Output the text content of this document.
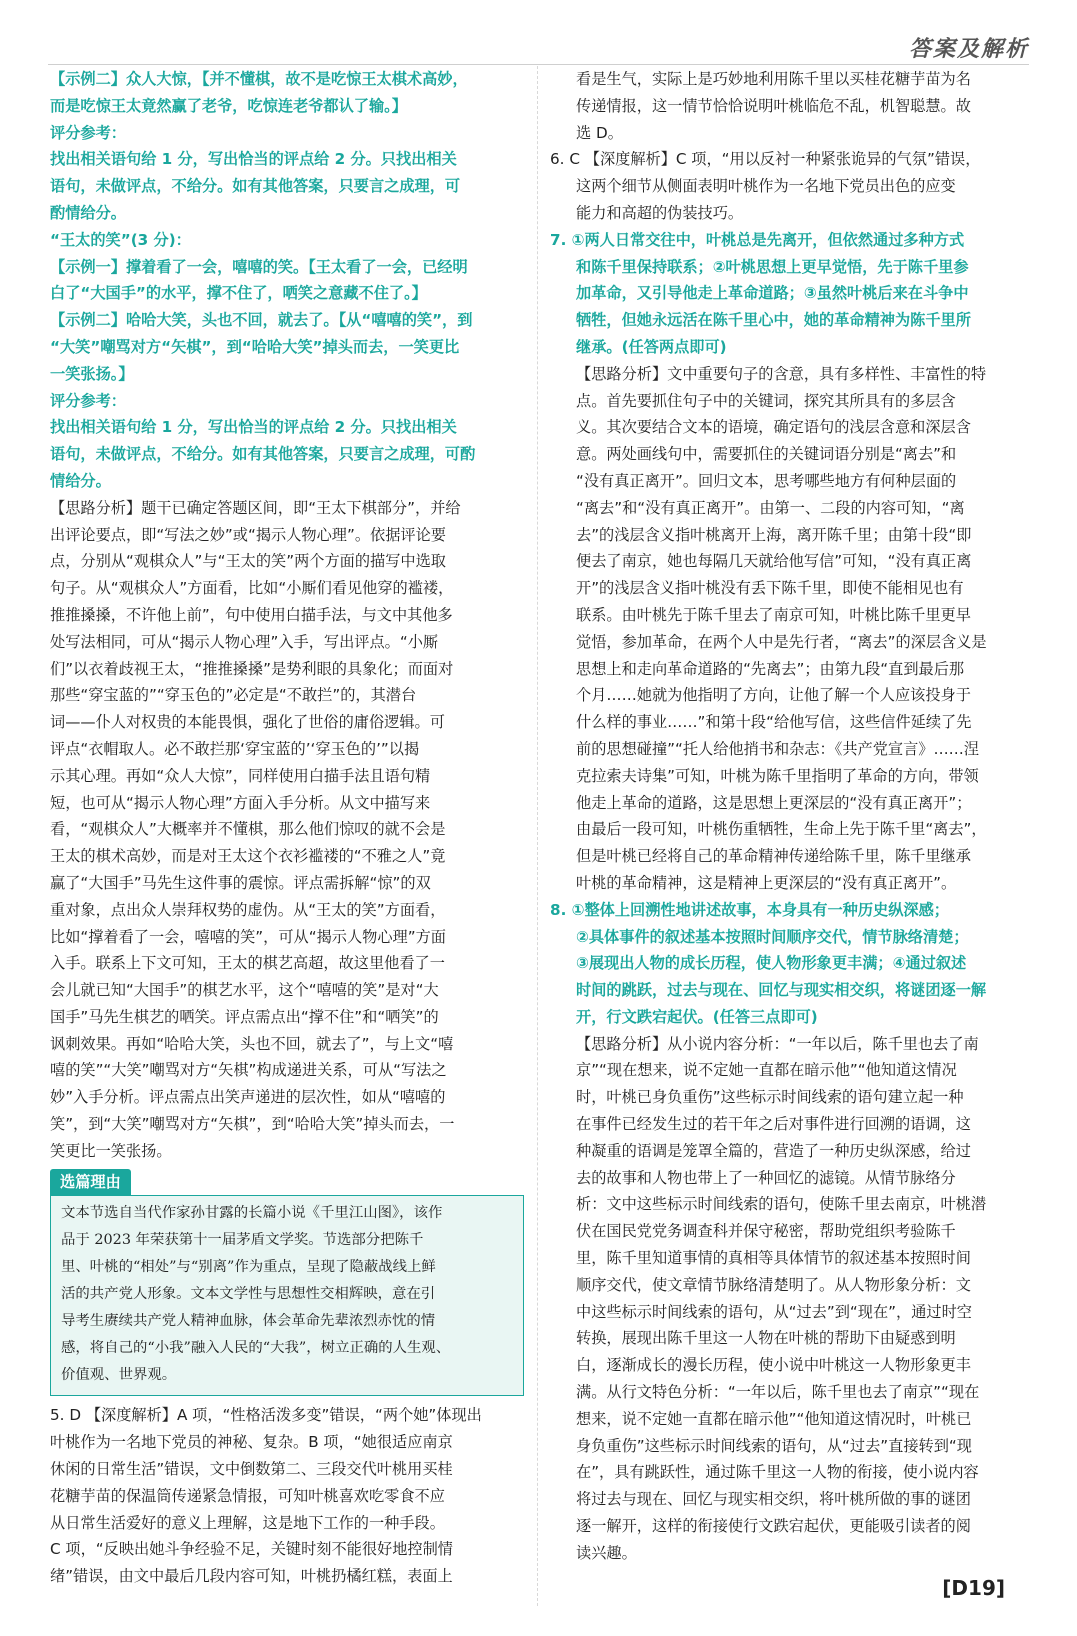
答案及解析
【示例二】众人大惊，【并不懂棋，故不是吃惊王太棋术高妙，
而是吃惊王太竟然赢了老爷，吃惊连老爷都认了输。】
评分参考：
找出相关语句给 1 分，写出恰当的评点给 2 分。只找出相关
语句，未做评点，不给分。如有其他答案，只要言之成理，可
酌情给分。
“王太的笑”(3 分)：
【示例一】撑着看了一会，嘻嘻的笑。【王太看了一会，已经明
白了“大国手”的水平，撑不住了，哂笑之意藏不住了。】
【示例二】哈哈大笑，头也不回，就去了。【从“嘻嘻的笑”，到
“大笑”嘲骂对方“矢棋”，到“哈哈大笑”掉头而去，一笑更比
一笑张扬。】
评分参考：
找出相关语句给 1 分，写出恰当的评点给 2 分。只找出相关
语句，未做评点，不给分。如有其他答案，只要言之成理，可酌
情给分。
【思路分析】题干已确定答题区间，即“王太下棋部分”，并给
出评论要点，即“写法之妙”或“揭示人物心理”。依据评论要
点，分别从“观棋众人”与“王太的笑”两个方面的描写中选取
句子。从“观棋众人”方面看，比如“小厮们看见他穿的褴褛，
推推搡搡，不许他上前”，句中使用白描手法，与文中其他多
处写法相同，可从“揭示人物心理”入手，写出评点。“小厮
们”以衣着歧视王太，“推推搡搡”是势利眼的具象化；而面对
那些“穿宝蓝的”“穿玉色的”必定是“不敢拦”的，其潜台
词——仆人对权贵的本能畏惧，强化了世俗的庸俗逻辑。可
评点“衣帽取人。必不敢拦那‘穿宝蓝的’‘穿玉色的’”以揭
示其心理。再如“众人大惊”，同样使用白描手法且语句精
短，也可从“揭示人物心理”方面入手分析。从文中描写来
看，“观棋众人”大概率并不懂棋，那么他们惊叹的就不会是
王太的棋术高妙，而是对王太这个衣衫褴褛的“不雅之人”竟
赢了“大国手”马先生这件事的震惊。评点需拆解“惊”的双
重对象，点出众人崇拜权势的虚伪。从“王太的笑”方面看，
比如“撑着看了一会，嘻嘻的笑”，可从“揭示人物心理”方面
入手。联系上下文可知，王太的棋艺高超，故这里他看了一
会儿就已知“大国手”的棋艺水平，这个“嘻嘻的笑”是对“大
国手”马先生棋艺的哂笑。评点需点出“撑不住”和“哂笑”的
讽刺效果。再如“哈哈大笑，头也不回，就去了”，与上文“嘻
嘻的笑”“大笑”嘲骂对方“矢棋”构成递进关系，可从“写法之
妙”入手分析。评点需点出笑声递进的层次性，如从“嘻嘻的
笑”，到“大笑”嘲骂对方“矢棋”，到“哈哈大笑”掉头而去，一
笑更比一笑张扬。
选篇理由
文本节选自当代作家孙甘露的长篇小说《千里江山图》，该作
品于 2023 年荣获第十一届茅盾文学奖。节选部分把陈千
里、叶桃的“相处”与“别离”作为重点，呈现了隐蔽战线上鲜
活的共产党人形象。文本文学性与思想性交相辉映，意在引
导考生赓续共产党人精神血脉，体会革命先辈浓烈赤忱的情
感，将自己的“小我”融入人民的“大我”，树立正确的人生观、
价值观、世界观。
5. D 【深度解析】A 项，“性格活泼多变”错误，“两个她”体现出
叶桃作为一名地下党员的神秘、复杂。B 项，“她很适应南京
休闲的日常生活”错误，文中倒数第二、三段交代叶桃用买桂
花糖芋苗的保温筒传递紧急情报，可知叶桃喜欢吃零食不应
从日常生活爱好的意义上理解，这是地下工作的一种手段。
C 项，“反映出她斗争经验不足，关键时刻不能很好地控制情
绪”错误，由文中最后几段内容可知，叶桃扔橘红糕，表面上
看是生气，实际上是巧妙地利用陈千里以买桂花糖芋苗为名
传递情报，这一情节恰恰说明叶桃临危不乱，机智聪慧。故
选 D。
6. C 【深度解析】C 项，“用以反衬一种紧张诡异的气氛”错误，
这两个细节从侧面表明叶桃作为一名地下党员出色的应变
能力和高超的伪装技巧。
7. ①两人日常交往中，叶桃总是先离开，但依然通过多种方式
和陈千里保持联系；②叶桃思想上更早觉悟，先于陈千里参
加革命，又引导他走上革命道路；③虽然叶桃后来在斗争中
牺牲，但她永远活在陈千里心中，她的革命精神为陈千里所
继承。(任答两点即可)
【思路分析】文中重要句子的含意，具有多样性、丰富性的特
点。首先要抓住句子中的关键词，探究其所具有的多层含
义。其次要结合文本的语境，确定语句的浅层含意和深层含
意。两处画线句中，需要抓住的关键词语分别是“离去”和
“没有真正离开”。回归文本，思考哪些地方有何种层面的
“离去”和“没有真正离开”。由第一、二段的内容可知，“离
去”的浅层含义指叶桃离开上海，离开陈千里；由第十段“即
便去了南京，她也每隔几天就给他写信”可知，“没有真正离
开”的浅层含义指叶桃没有丢下陈千里，即使不能相见也有
联系。由叶桃先于陈千里去了南京可知，叶桃比陈千里更早
觉悟，参加革命，在两个人中是先行者，“离去”的深层含义是
思想上和走向革命道路的“先离去”；由第九段“直到最后那
个月……她就为他指明了方向，让他了解一个人应该投身于
什么样的事业……”和第十段“给他写信，这些信件延续了先
前的思想碰撞”“托人给他捎书和杂志：《共产党宣言》……涅
克拉索夫诗集”可知，叶桃为陈千里指明了革命的方向，带领
他走上革命的道路，这是思想上更深层的“没有真正离开”；
由最后一段可知，叶桃伤重牺牲，生命上先于陈千里“离去”，
但是叶桃已经将自己的革命精神传递给陈千里，陈千里继承
叶桃的革命精神，这是精神上更深层的“没有真正离开”。
8. ①整体上回溯性地讲述故事，本身具有一种历史纵深感；
②具体事件的叙述基本按照时间顺序交代，情节脉络清楚；
③展现出人物的成长历程，使人物形象更丰满；④通过叙述
时间的跳跃，过去与现在、回忆与现实相交织，将谜团逐一解
开，行文跌宕起伏。(任答三点即可)
【思路分析】从小说内容分析：“一年以后，陈千里也去了南
京”“现在想来，说不定她一直都在暗示他”“他知道这情况
时，叶桃已身负重伤”这些标示时间线索的语句建立起一种
在事件已经发生过的若干年之后对事件进行回溯的语调，这
种凝重的语调是笼罩全篇的，营造了一种历史纵深感，给过
去的故事和人物也带上了一种回忆的滤镜。从情节脉络分
析：文中这些标示时间线索的语句，使陈千里去南京，叶桃潜
伏在国民党党务调查科并保守秘密，帮助党组织考验陈千
里，陈千里知道事情的真相等具体情节的叙述基本按照时间
顺序交代，使文章情节脉络清楚明了。从人物形象分析：文
中这些标示时间线索的语句，从“过去”到“现在”，通过时空
转换，展现出陈千里这一人物在叶桃的帮助下由疑惑到明
白，逐渐成长的漫长历程，使小说中叶桃这一人物形象更丰
满。从行文特色分析：“一年以后，陈千里也去了南京”“现在
想来，说不定她一直都在暗示他”“他知道这情况时，叶桃已
身负重伤”这些标示时间线索的语句，从“过去”直接转到“现
在”，具有跳跃性，通过陈千里这一人物的衔接，使小说内容
将过去与现在、回忆与现实相交织，将叶桃所做的事的谜团
逐一解开，这样的衔接使行文跌宕起伏，更能吸引读者的阅
读兴趣。
[D19]
